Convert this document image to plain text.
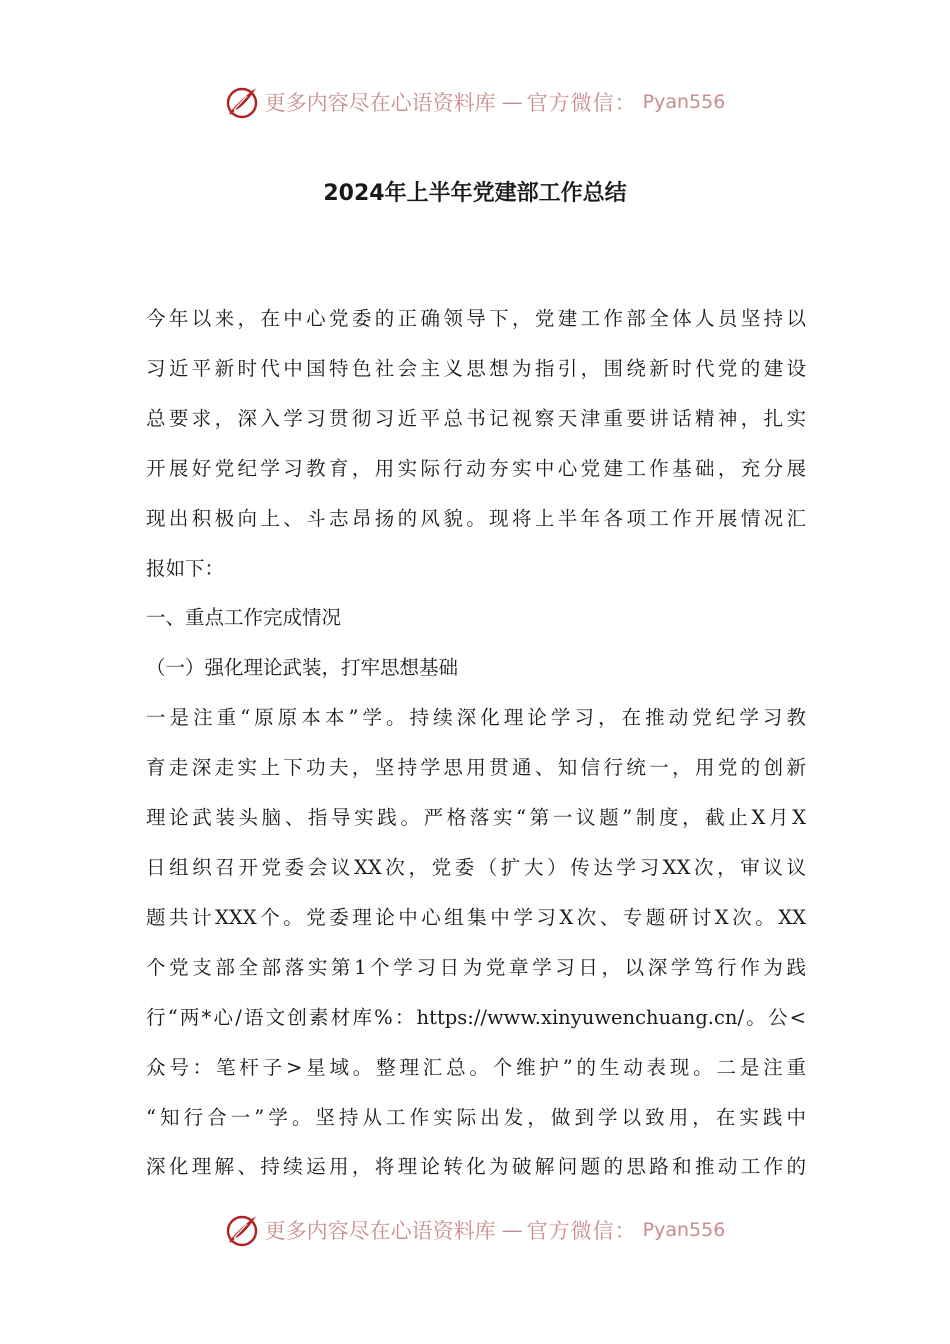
更多内容尽在心语资料库 — 官方微信： Pyan556
2024年上半年党建部工作总结

今年以来，在中心党委的正确领导下，党建工作部全体人员坚持以
习近平新时代中国特色社会主义思想为指引，围绕新时代党的建设
总要求，深入学习贯彻习近平总书记视察天津重要讲话精神，扎实
开展好党纪学习教育，用实际行动夯实中心党建工作基础，充分展
现出积极向上、斗志昂扬的风貌。现将上半年各项工作开展情况汇
报如下：

一、重点工作完成情况

（一）强化理论武装，打牢思想基础

一是注重“原原本本”学。持续深化理论学习，在推动党纪学习教
育走深走实上下功夫，坚持学思用贯通、知信行统一，用党的创新
理论武装头脑、指导实践。严格落实“第一议题”制度，截止X月X
日组织召开党委会议XX次，党委（扩大）传达学习XX次，审议议
题共计XXX个。党委理论中心组集中学习X次、专题研讨X次。XX
个党支部全部落实第1个学习日为党章学习日，以深学笃行作为践
行“两*心/语文创素材库%：https://www.xinyuwenchuang.cn/。公<
众号：笔杆子>星域。整理汇总。个维护”的生动表现。二是注重
“知行合一”学。坚持从工作实际出发，做到学以致用，在实践中
深化理解、持续运用，将理论转化为破解问题的思路和推动工作的

更多内容尽在心语资料库 — 官方微信： Pyan556
